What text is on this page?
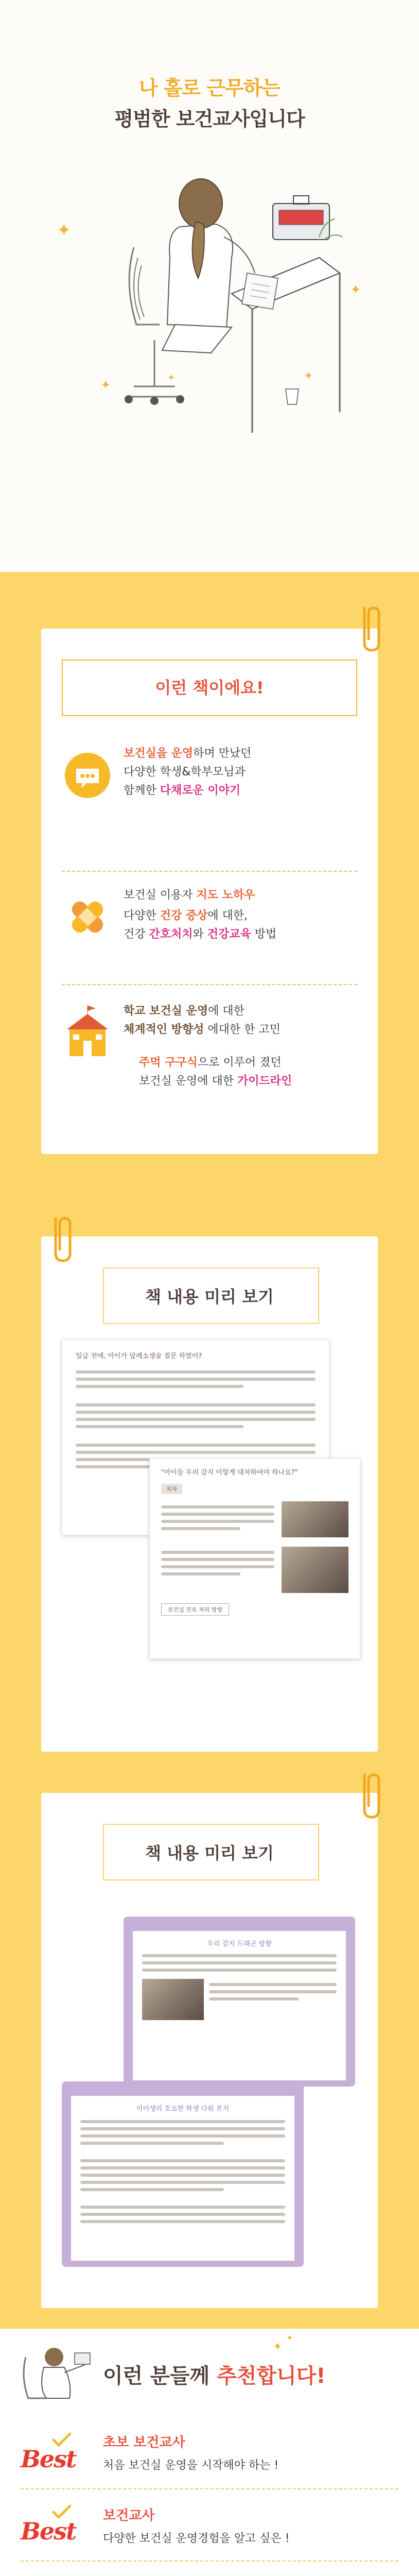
나 홀로 근무하는
평범한 보건교사입니다
✦
✦
✦
✦
✦
이런 책이에요!
보건실을 운영하며 만났던
다양한 학생&학부모님과
함께한 다채로운 이야기
보건실 이용자 지도 노하우
다양한 건강 증상에 대한,
건강 간호처치와 건강교육 방법
학교 보건실 운영에 대한
체계적인 방향성 에대한 한 고민
주먹 구구식으로 이루어 졌던
보건실 운영에 대한 가이드라인
책 내용 미리 보기
일급 전에, 아이가 답례소생술 질문 하였어?
"아이들 우리 감지 이렇게 대처하여야 하나요?"
목차
보건실 진료 처리 방향
책 내용 미리 보기
우리 감지 드래곤 방향
아이생리 호소한 학생 다뤄 본지
이런 분들께 추천합니다!
✦
✦
Best
초보 보건교사
처음 보건실 운영을 시작해야 하는 !
Best
보건교사
다양한 보건실 운영경험을 알고 싶은 !
